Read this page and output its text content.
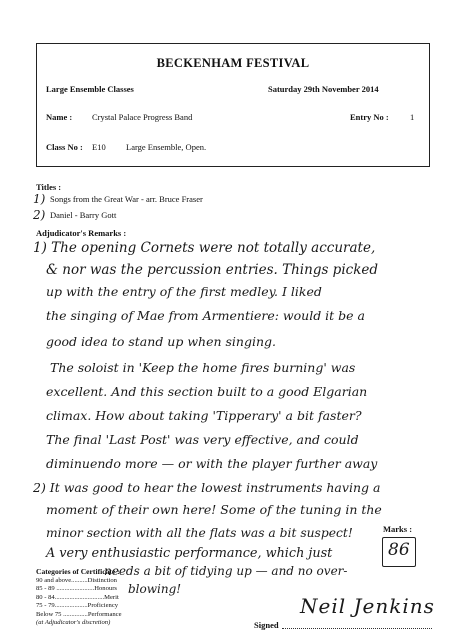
BECKENHAM FESTIVAL
Large Ensemble Classes	Saturday 29th November 2014
Name : Crystal Palace Progress Band	Entry No :	1
Class No : E10 Large Ensemble, Open.
Titles :
1) Songs from the Great War - arr. Bruce Fraser
2) Daniel - Barry Gott
Adjudicator's Remarks :
1) The opening Cornets were not totally accurate,
& nor was the percussion entries. Things picked
up with the entry of the first medley. I liked
the singing of Mae from Armentiere: would it be a
good idea to stand up when singing.
The soloist in 'Keep the home fires burning' was
excellent. And this section built to a good Elgarian
climax. How about taking 'Tipperary' a bit faster?
The final 'Last Post' was very effective, and could
diminuendo more — or with the player further away
2) It was good to hear the lowest instruments having a
moment of their own here! Some of the tuning in the
minor section with all the flats was a bit suspect!
A very enthusiastic performance, which just
needs a bit of tidying up — and no over-
blowing!
Categories of Certificate :
90 and above..........Distinction
85 - 89 .......................Honours
80 - 84..............................Merit
75 - 79....................Proficiency
Below 75 ...............Performance
(at Adjudicator's discretion)
Marks :
86
Signed
Neil Jenkins
